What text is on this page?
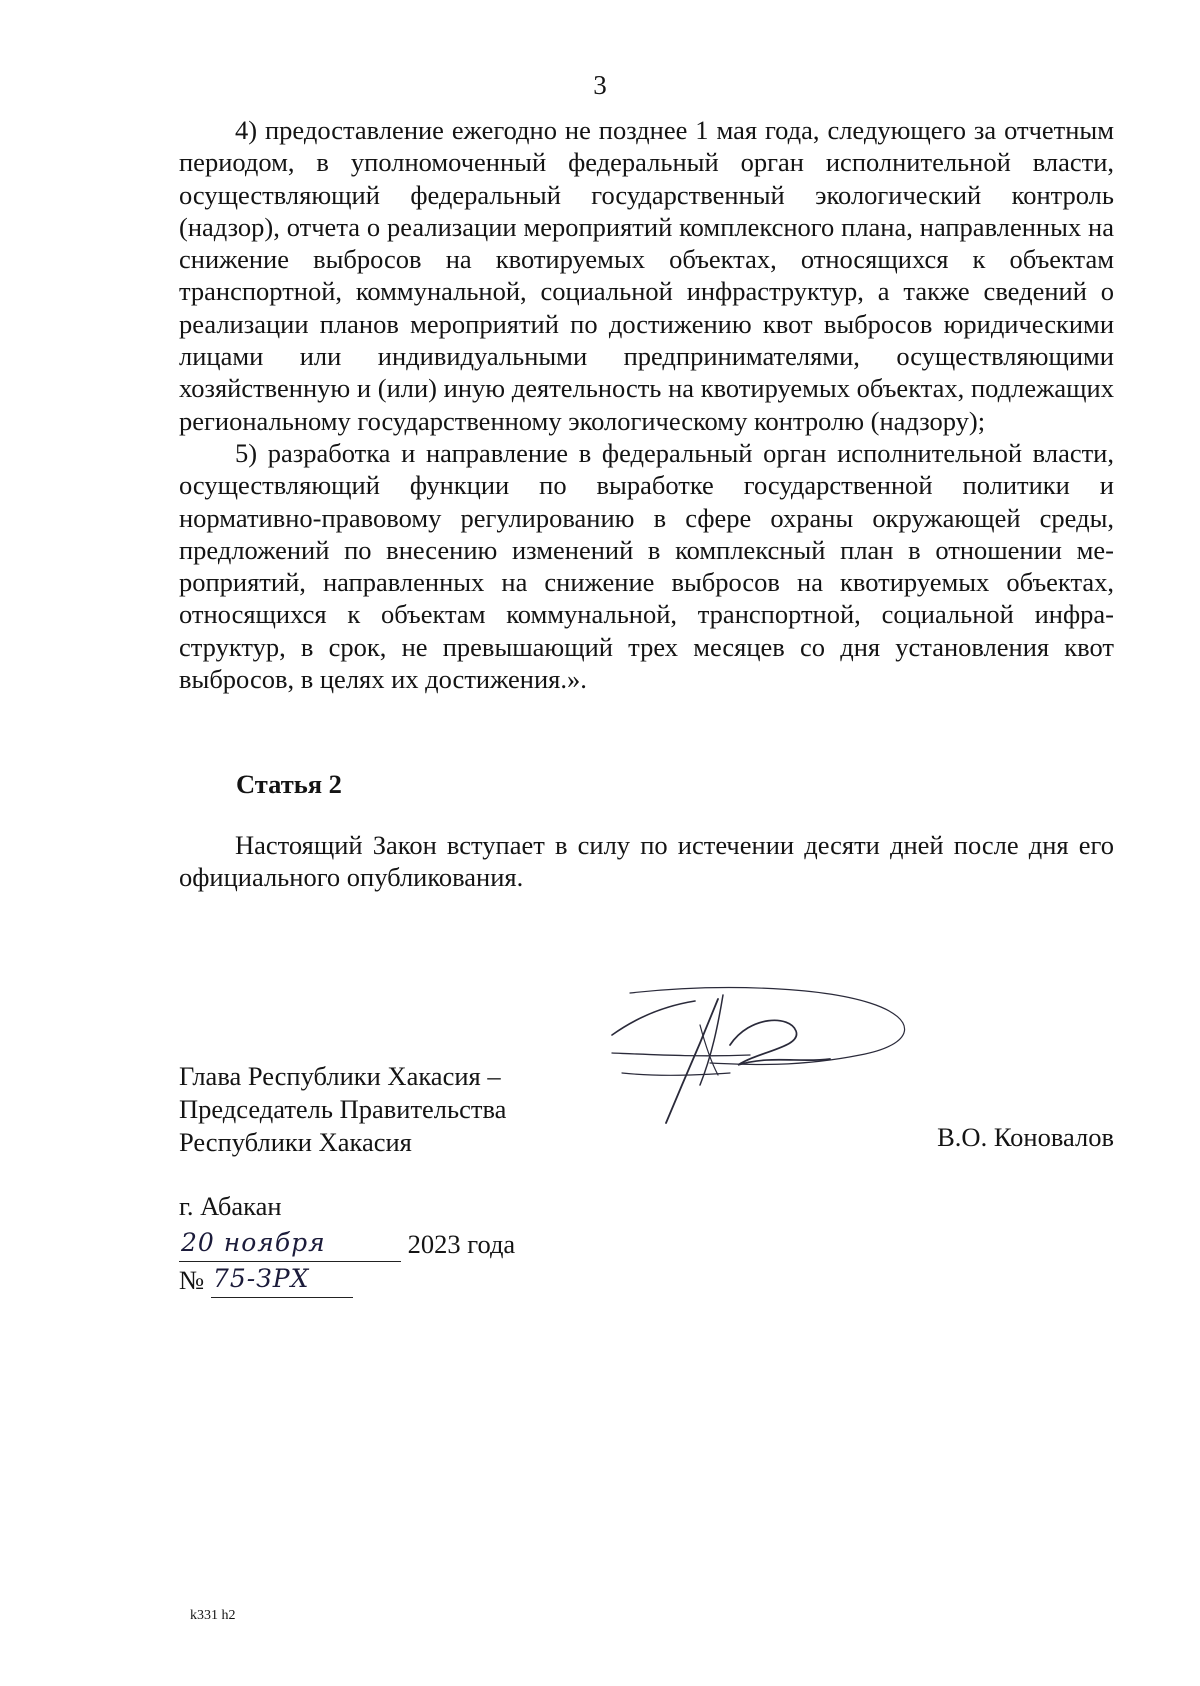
3

4) предоставление ежегодно не позднее 1 мая года, следующего за отчетным периодом, в уполномоченный федеральный орган исполнительной власти, осуществляющий федеральный государственный экологический контроль (надзор), отчета о реализации мероприятий комплексного плана, направленных на снижение выбросов на квотируемых объектах, относящихся к объектам транспортной, коммунальной, социальной инфраструктур, а также сведений о реализации планов мероприятий по достижению квот выбросов юридическими лицами или индивидуальными предпринимателями, осуществляющими хозяйственную и (или) иную деятельность на квотируемых объектах, подлежащих региональному государственному экологическому контролю (надзору);

5) разработка и направление в федеральный орган исполнительной власти, осуществляющий функции по выработке государственной политики и нормативно-правовому регулированию в сфере охраны окружающей среды, предложений по внесению изменений в комплексный план в отношении мероприятий, направленных на снижение выбросов на квотируемых объектах, относящихся к объектам коммунальной, транспортной, социальной инфраструктур, в срок, не превышающий трех месяцев со дня установления квот выбросов, в целях их достижения.».

Статья 2

Настоящий Закон вступает в силу по истечении десяти дней после дня его официального опубликования.

Глава Республики Хакасия –
Председатель Правительства
Республики Хакасия	В.О. Коновалов
г. Абакан
20 ноября	2023 года
№ 75-ЗРХ
k331 h2
